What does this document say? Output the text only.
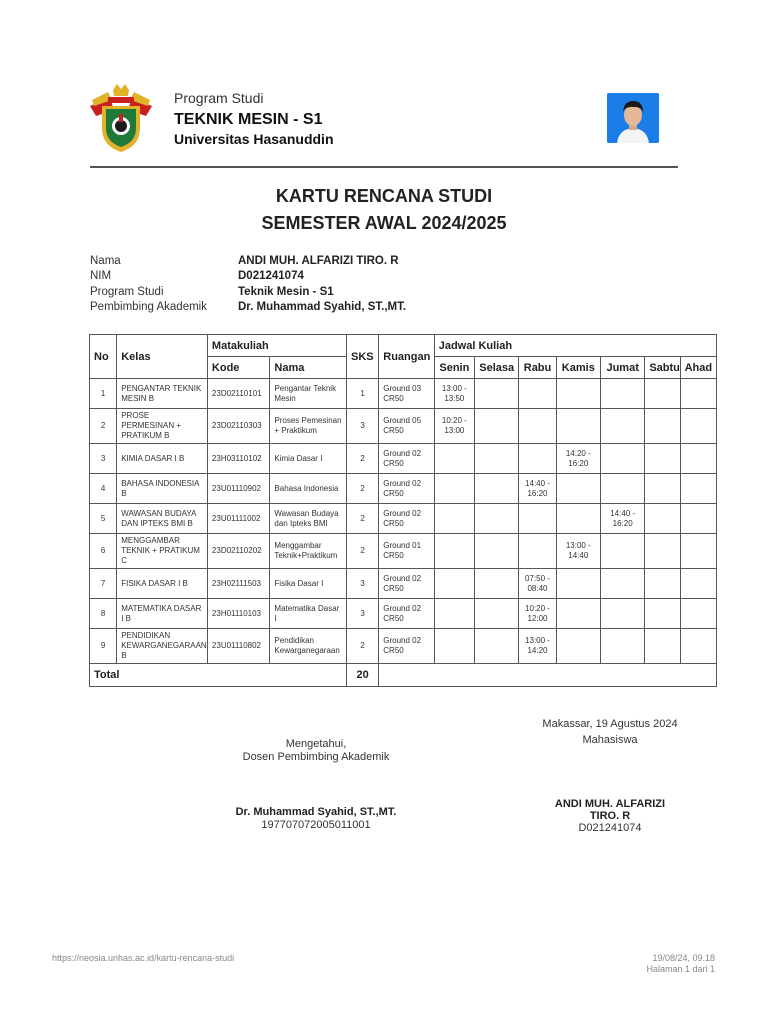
Program Studi
TEKNIK MESIN - S1
Universitas Hasanuddin
KARTU RENCANA STUDI
SEMESTER AWAL 2024/2025
Nama	ANDI MUH. ALFARIZI TIRO. R
NIM	D021241074
Program Studi	Teknik Mesin - S1
Pembimbing Akademik	Dr. Muhammad Syahid, ST.,MT.
No	Kelas	Matakuliah		SKS	Ruangan	Jadwal Kuliah						
		Kode	Nama			Senin	Selasa	Rabu	Kamis	Jumat	Sabtu	Ahad
1	PENGANTAR TEKNIK MESIN B	23D02110101	Pengantar Teknik Mesin	1	Ground 03 CR50	13:00 - 13:50						
2	PROSE PERMESINAN + PRATIKUM B	23D02110303	Proses Pemesinan + Praktikum	3	Ground 05 CR50	10:20 - 13:00						
3	KIMIA DASAR I B	23H03110102	Kimia Dasar I	2	Ground 02 CR50				14:20 - 16:20			
4	BAHASA INDONESIA B	23U01110902	Bahasa Indonesia	2	Ground 02 CR50			14:40 - 16:20				
5	WAWASAN BUDAYA DAN IPTEKS BMI B	23U01111002	Wawasan Budaya dan Ipteks BMI	2	Ground 02 CR50					14:40 - 16:20		
6	MENGGAMBAR TEKNIK + PRATIKUM C	23D02110202	Menggambar Teknik+Praktikum	2	Ground 01 CR50				13:00 - 14:40			
7	FISIKA DASAR I B	23H02111503	Fisika Dasar I	3	Ground 02 CR50			07:50 - 08:40				
8	MATEMATIKA DASAR I B	23H01110103	Matematika Dasar I	3	Ground 02 CR50			10:20 - 12:00				
9	PENDIDIKAN KEWARGANEGARAAN B	23U01110802	Pendidikan Kewarganegaraan	2	Ground 02 CR50			13:00 - 14:20				
Total				20								
Makassar, 19 Agustus 2024
Mahasiswa
Mengetahui,
Dosen Pembimbing Akademik
Dr. Muhammad Syahid, ST.,MT.
197707072005011001
ANDI MUH. ALFARIZI TIRO. R
D021241074
https://neosia.unhas.ac.id/kartu-rencana-studi	19/08/24, 09.18
Halaman 1 dari 1
